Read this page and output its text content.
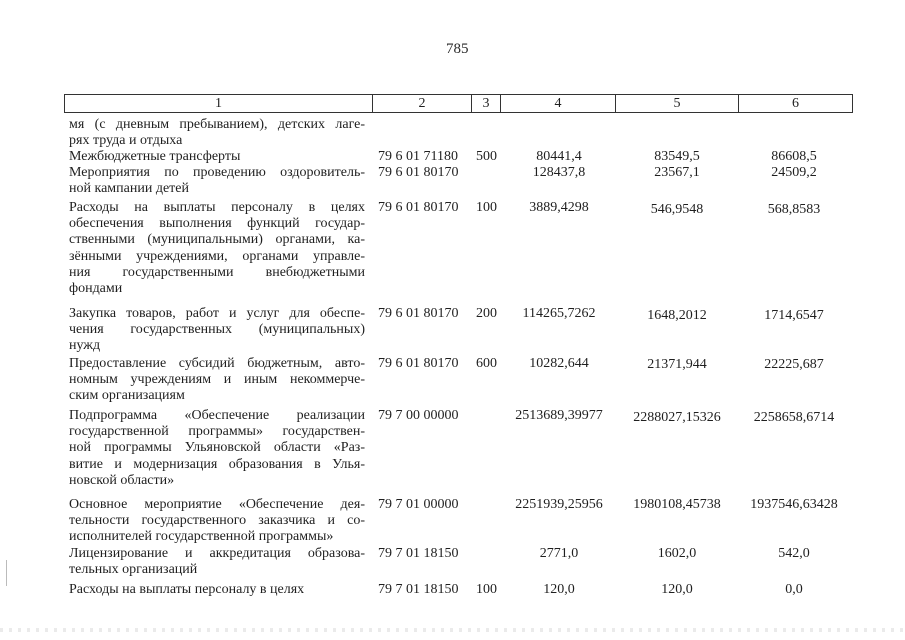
785
1	2	3	4	5	6
мя (с дневным пребыванием), детских лаге-
рях труда и отдыха
Межбюджетные трансферты	79 6 01 71180 500	80441,4	83549,5	86608,5
Мероприятия по проведению оздоровитель-
ной кампании детей
79 6 01 80170	128437,8	23567,1	24509,2
Расходы на выплаты персоналу в целях
обеспечения выполнения функций государ-
ственными (муниципальными) органами, ка-
зёнными учреждениями, органами управле-
ния государственными внебюджетными
фондами
79 6 01 80170 100	3889,4298	546,9548	568,8583
Закупка товаров, работ и услуг для обеспе-
чения государственных (муниципальных)
нужд
79 6 01 80170 200	114265,7262	1648,2012	1714,6547
Предоставление субсидий бюджетным, авто-
номным учреждениям и иным некоммерче-
ским организациям
79 6 01 80170 600	10282,644	21371,944	22225,687
Подпрограмма «Обеспечение реализации
государственной программы» государствен-
ной программы Ульяновской области «Раз-
витие и модернизация образования в Улья-
новской области»
79 7 00 00000	2513689,39977	2288027,15326	2258658,6714
Основное мероприятие «Обеспечение дея-
тельности государственного заказчика и со-
исполнителей государственной программы»
79 7 01 00000	2251939,25956	1980108,45738	1937546,63428
Лицензирование и аккредитация образова-
тельных организаций
79 7 01 18150	2771,0	1602,0	542,0
Расходы на выплаты персоналу в целях	79 7 01 18150 100	120,0	120,0	0,0
